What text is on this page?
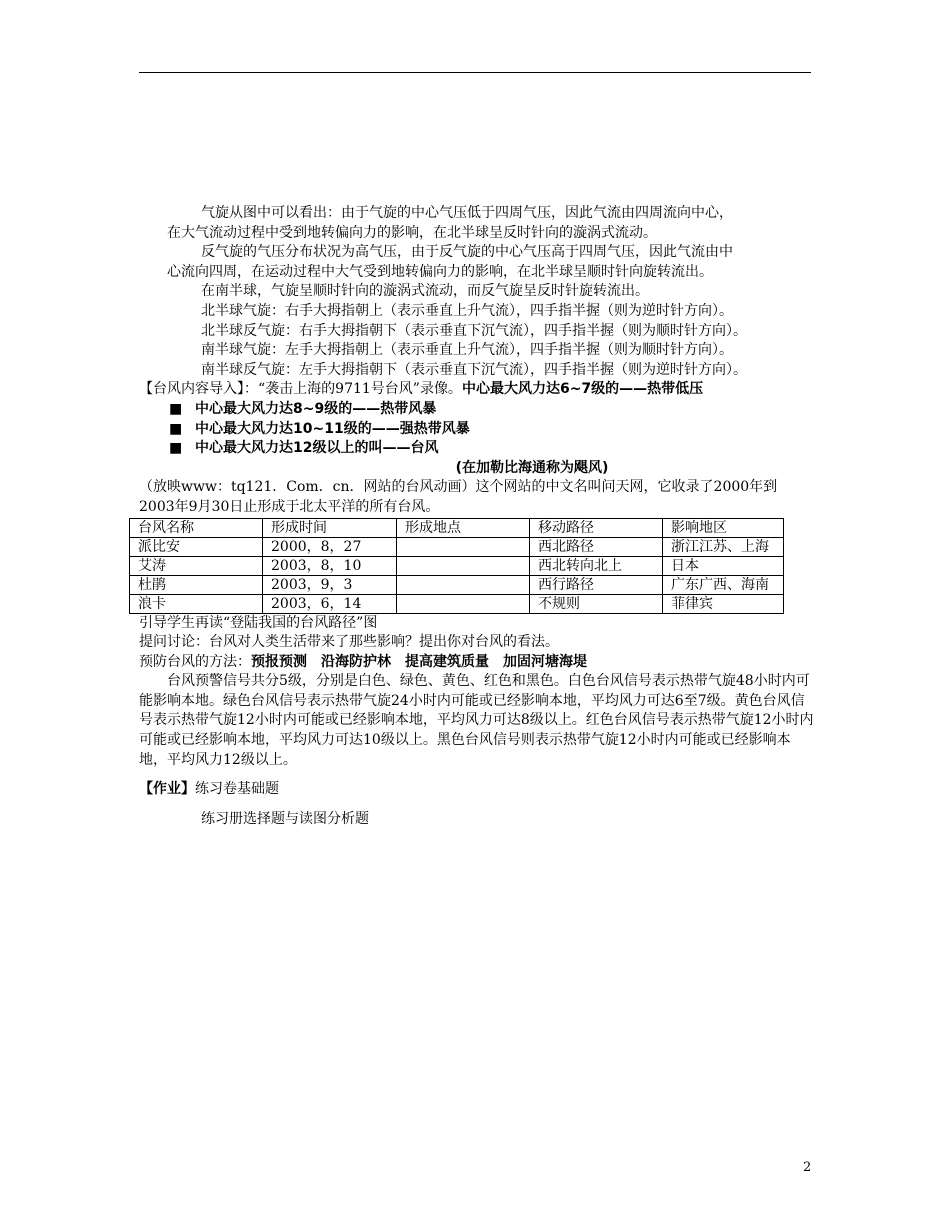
气旋从图中可以看出：由于气旋的中心气压低于四周气压，因此气流由四周流向中心，

在大气流动过程中受到地转偏向力的影响，在北半球呈反时针向的漩涡式流动。

反气旋的气压分布状况为高气压，由于反气旋的中心气压高于四周气压，因此气流由中

心流向四周，在运动过程中大气受到地转偏向力的影响，在北半球呈顺时针向旋转流出。

在南半球，气旋呈顺时针向的漩涡式流动，而反气旋呈反时针旋转流出。

北半球气旋：右手大拇指朝上（表示垂直上升气流），四手指半握（则为逆时针方向）。

北半球反气旋：右手大拇指朝下（表示垂直下沉气流），四手指半握（则为顺时针方向）。

南半球气旋：左手大拇指朝上（表示垂直上升气流），四手指半握（则为顺时针方向）。

南半球反气旋：左手大拇指朝下（表示垂直下沉气流），四手指半握（则为逆时针方向）。

【台风内容导入】：“袭击上海的9711号台风”录像。中心最大风力达6~7级的——热带低压

■ 中心最大风力达8~9级的——热带风暴

■ 中心最大风力达10~11级的——强热带风暴

■ 中心最大风力达12级以上的叫——台风

(在加勒比海通称为飓风)

（放映www：tq121．Com．cn．网站的台风动画）这个网站的中文名叫问天网，它收录了2000年到

2003年9月30日止形成于北太平洋的所有台风。

台风名称	形成时间	形成地点	移动路径	影响地区
派比安	2000，8，27		西北路径	浙江江苏、上海
艾涛	2003，8，10		西北转向北上	日本
杜鹃	2003，9，3		西行路径	广东广西、海南
浪卡	2003，6，14		不规则	菲律宾

引导学生再读“登陆我国的台风路径”图

提问讨论：台风对人类生活带来了那些影响？提出你对台风的看法。

预防台风的方法：预报预测　沿海防护林　提高建筑质量　加固河塘海堤

台风预警信号共分5级，分别是白色、绿色、黄色、红色和黑色。白色台风信号表示热带气旋48小时内可能影响本地。绿色台风信号表示热带气旋24小时内可能或已经影响本地，平均风力可达6至7级。黄色台风信号表示热带气旋12小时内可能或已经影响本地，平均风力可达8级以上。红色台风信号表示热带气旋12小时内可能或已经影响本地，平均风力可达10级以上。黑色台风信号则表示热带气旋12小时内可能或已经影响本地，平均风力12级以上。

【作业】练习卷基础题

练习册选择题与读图分析题

2
